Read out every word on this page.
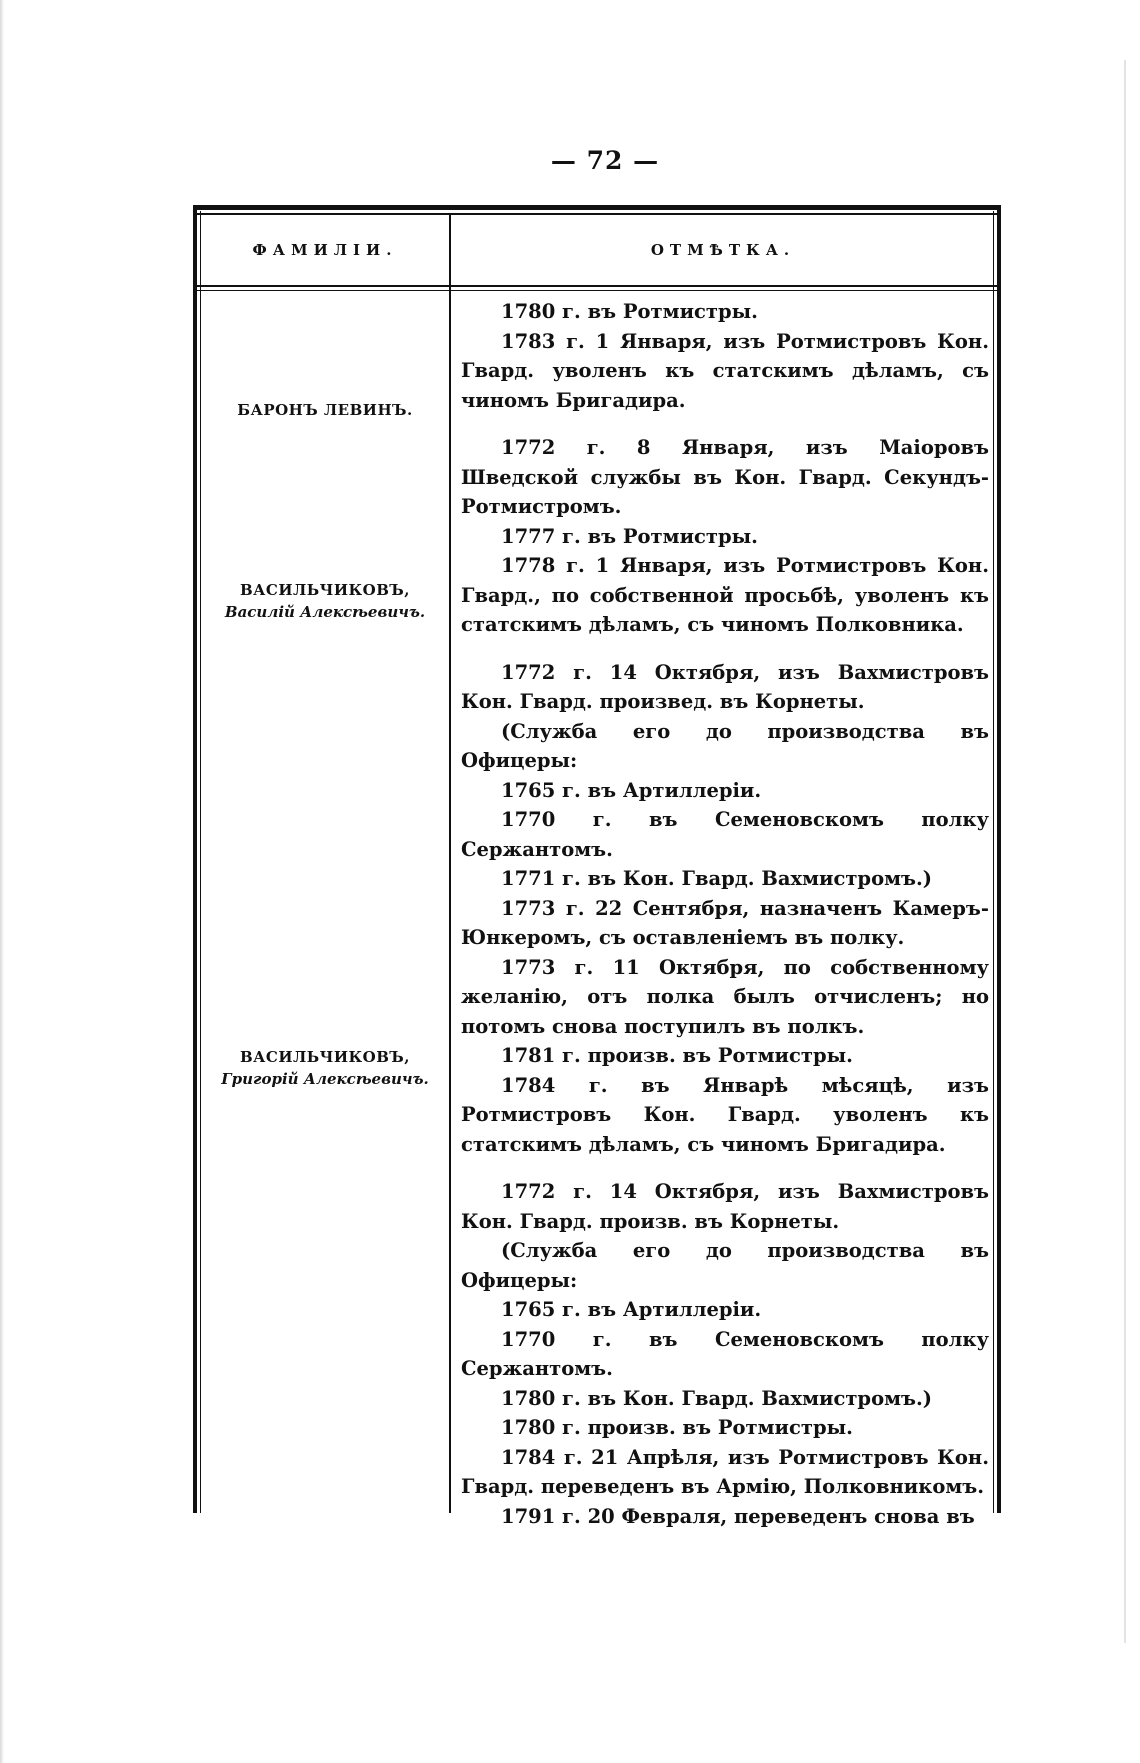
— 72 —
ФАМИЛІИ.	ОТМѢТКА.
БАРОНЪ ЛЕВИНЪ.
ВАСИЛЬЧИКОВЪ,
Василій Алексѣевичъ.
ВАСИЛЬЧИКОВЪ,
Григорій Алексѣевичъ.
1780 г. въ Ротмистры.
1783 г. 1 Января, изъ Ротмистровъ Кон. Гвард. уволенъ къ статскимъ дѣламъ, съ чиномъ Бригадира.
1772 г. 8 Января, изъ Маіоровъ Шведской службы въ Кон. Гвард. Секундъ-Ротмистромъ.
1777 г. въ Ротмистры.
1778 г. 1 Января, изъ Ротмистровъ Кон. Гвард., по собственной просьбѣ, уволенъ къ статскимъ дѣламъ, съ чиномъ Полковника.
1772 г. 14 Октября, изъ Вахмистровъ Кон. Гвард. произвед. въ Корнеты.
(Служба его до производства въ Офицеры:
1765 г. въ Артиллеріи.
1770 г. въ Семеновскомъ полку Сержантомъ.
1771 г. въ Кон. Гвард. Вахмистромъ.)
1773 г. 22 Сентября, назначенъ Камеръ-Юнкеромъ, съ оставленіемъ въ полку.
1773 г. 11 Октября, по собственному желанію, отъ полка былъ отчисленъ; но потомъ снова поступилъ въ полкъ.
1781 г. произв. въ Ротмистры.
1784 г. въ Январѣ мѣсяцѣ, изъ Ротмистровъ Кон. Гвард. уволенъ къ статскимъ дѣламъ, съ чиномъ Бригадира.
1772 г. 14 Октября, изъ Вахмистровъ Кон. Гвард. произв. въ Корнеты.
(Служба его до производства въ Офицеры:
1765 г. въ Артиллеріи.
1770 г. въ Семеновскомъ полку Сержантомъ.
1780 г. въ Кон. Гвард. Вахмистромъ.)
1780 г. произв. въ Ротмистры.
1784 г. 21 Апрѣля, изъ Ротмистровъ Кон. Гвард. переведенъ въ Армію, Полковникомъ.
1791 г. 20 Февраля, переведенъ снова въ
